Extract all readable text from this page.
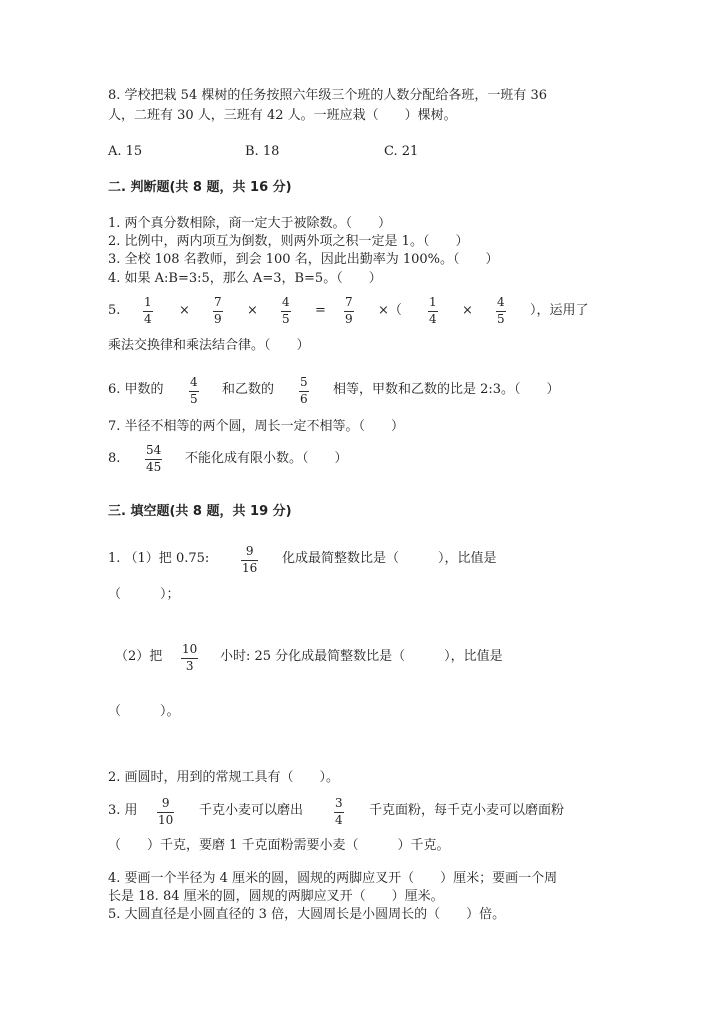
8. 学校把栽 54 棵树的任务按照六年级三个班的人数分配给各班，一班有 36
人，二班有 30 人，三班有 42 人。一班应栽（　　）棵树。
A. 15	B. 18	C. 21
二. 判断题(共 8 题，共 16 分)
1. 两个真分数相除，商一定大于被除数。（　　）
2. 比例中，两内项互为倒数，则两外项之积一定是 1。（　　）
3. 全校 108 名教师，到会 100 名，因此出勤率为 100%。（　　）
4. 如果 A:B=3:5，那么 A=3，B=5。（　　）
5.
1
4
×
7
9
×
4
5
=
7
9
×（
1
4
×
4
5
），运用了
乘法交换律和乘法结合律。（　　）
6. 甲数的 4
5
和乙数的 5
6
相等，甲数和乙数的比是 2:3。（　　）
7. 半径不相等的两个圆，周长一定不相等。（　　）
8.
54
45
不能化成有限小数。（　　）
三. 填空题(共 8 题，共 19 分)
1. （1）把 0.75:	9
16
化成最简整数比是（　　　），比值是
（　　　）；
（2）把 10
3
小时: 25 分化成最简整数比是（　　　），比值是
（　　　）。
2. 画圆时，用到的常规工具有（　　）。
3. 用 9
10
千克小麦可以磨出	3
4
千克面粉，每千克小麦可以磨面粉
（　　）千克，要磨 1 千克面粉需要小麦（　　　）千克。
4. 要画一个半径为 4 厘米的圆，圆规的两脚应叉开（　　）厘米；要画一个周
长是 18. 84 厘米的圆，圆规的两脚应叉开（　　）厘米。
5. 大圆直径是小圆直径的 3 倍，大圆周长是小圆周长的（　　）倍。
